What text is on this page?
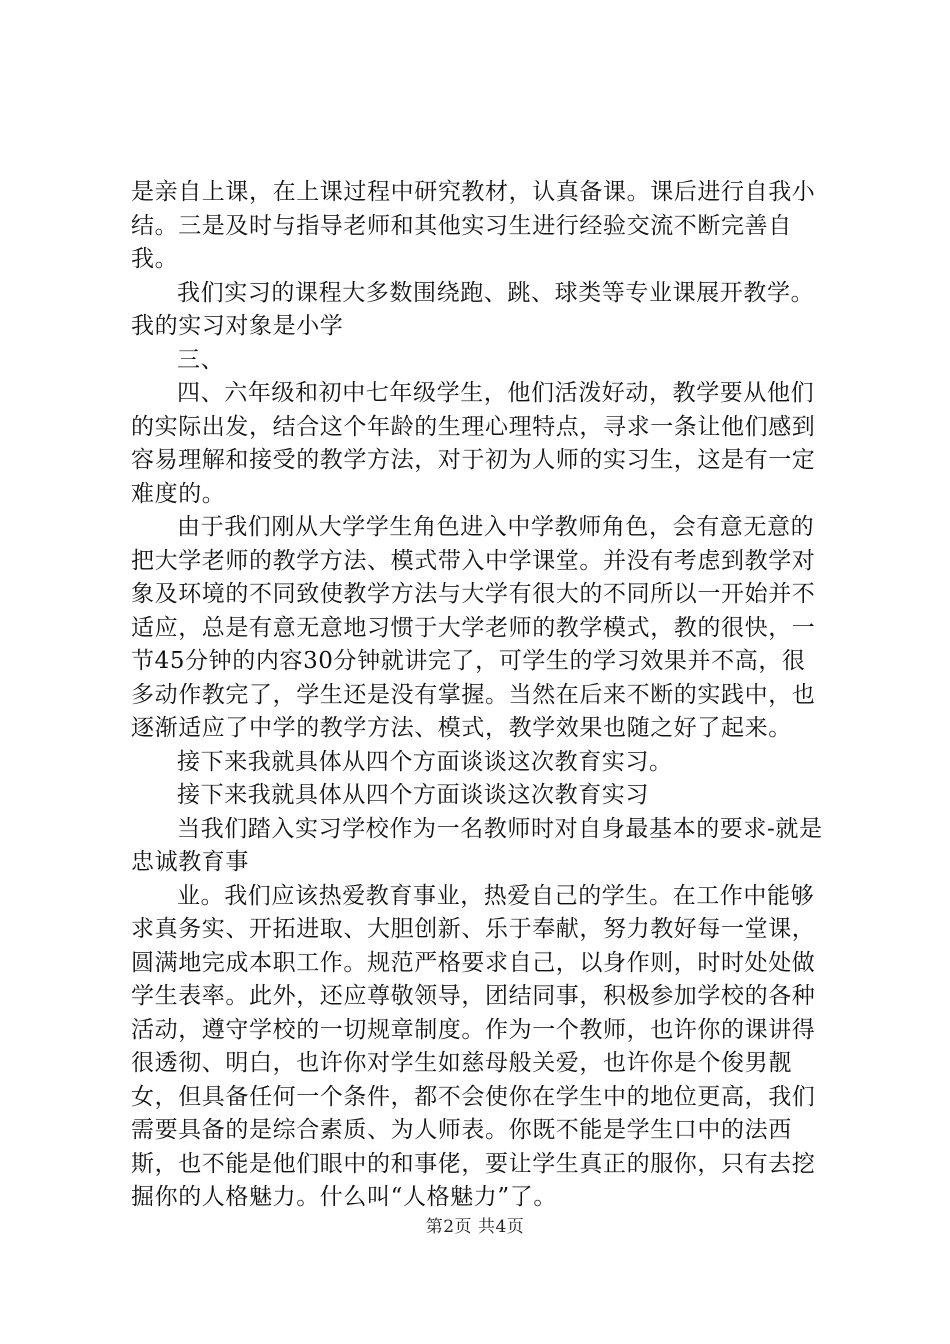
是亲自上课，在上课过程中研究教材，认真备课。课后进行自我小结。三是及时与指导老师和其他实习生进行经验交流不断完善自我。

我们实习的课程大多数围绕跑、跳、球类等专业课展开教学。我的实习对象是小学

三、

四、六年级和初中七年级学生，他们活泼好动，教学要从他们的实际出发，结合这个年龄的生理心理特点，寻求一条让他们感到容易理解和接受的教学方法，对于初为人师的实习生，这是有一定难度的。

由于我们刚从大学学生角色进入中学教师角色，会有意无意的把大学老师的教学方法、模式带入中学课堂。并没有考虑到教学对象及环境的不同致使教学方法与大学有很大的不同所以一开始并不适应，总是有意无意地习惯于大学老师的教学模式，教的很快，一节45分钟的内容30分钟就讲完了，可学生的学习效果并不高，很多动作教完了，学生还是没有掌握。当然在后来不断的实践中，也逐渐适应了中学的教学方法、模式，教学效果也随之好了起来。

接下来我就具体从四个方面谈谈这次教育实习。

接下来我就具体从四个方面谈谈这次教育实习

当我们踏入实习学校作为一名教师时对自身最基本的要求-就是忠诚教育事

业。我们应该热爱教育事业，热爱自己的学生。在工作中能够求真务实、开拓进取、大胆创新、乐于奉献，努力教好每一堂课，圆满地完成本职工作。规范严格要求自己，以身作则，时时处处做学生表率。此外，还应尊敬领导，团结同事，积极参加学校的各种活动，遵守学校的一切规章制度。作为一个教师，也许你的课讲得很透彻、明白，也许你对学生如慈母般关爱，也许你是个俊男靓女，但具备任何一个条件，都不会使你在学生中的地位更高，我们需要具备的是综合素质、为人师表。你既不能是学生口中的法西斯，也不能是他们眼中的和事佬，要让学生真正的服你，只有去挖掘你的人格魅力。什么叫“人格魅力”了。

第2页 共4页
